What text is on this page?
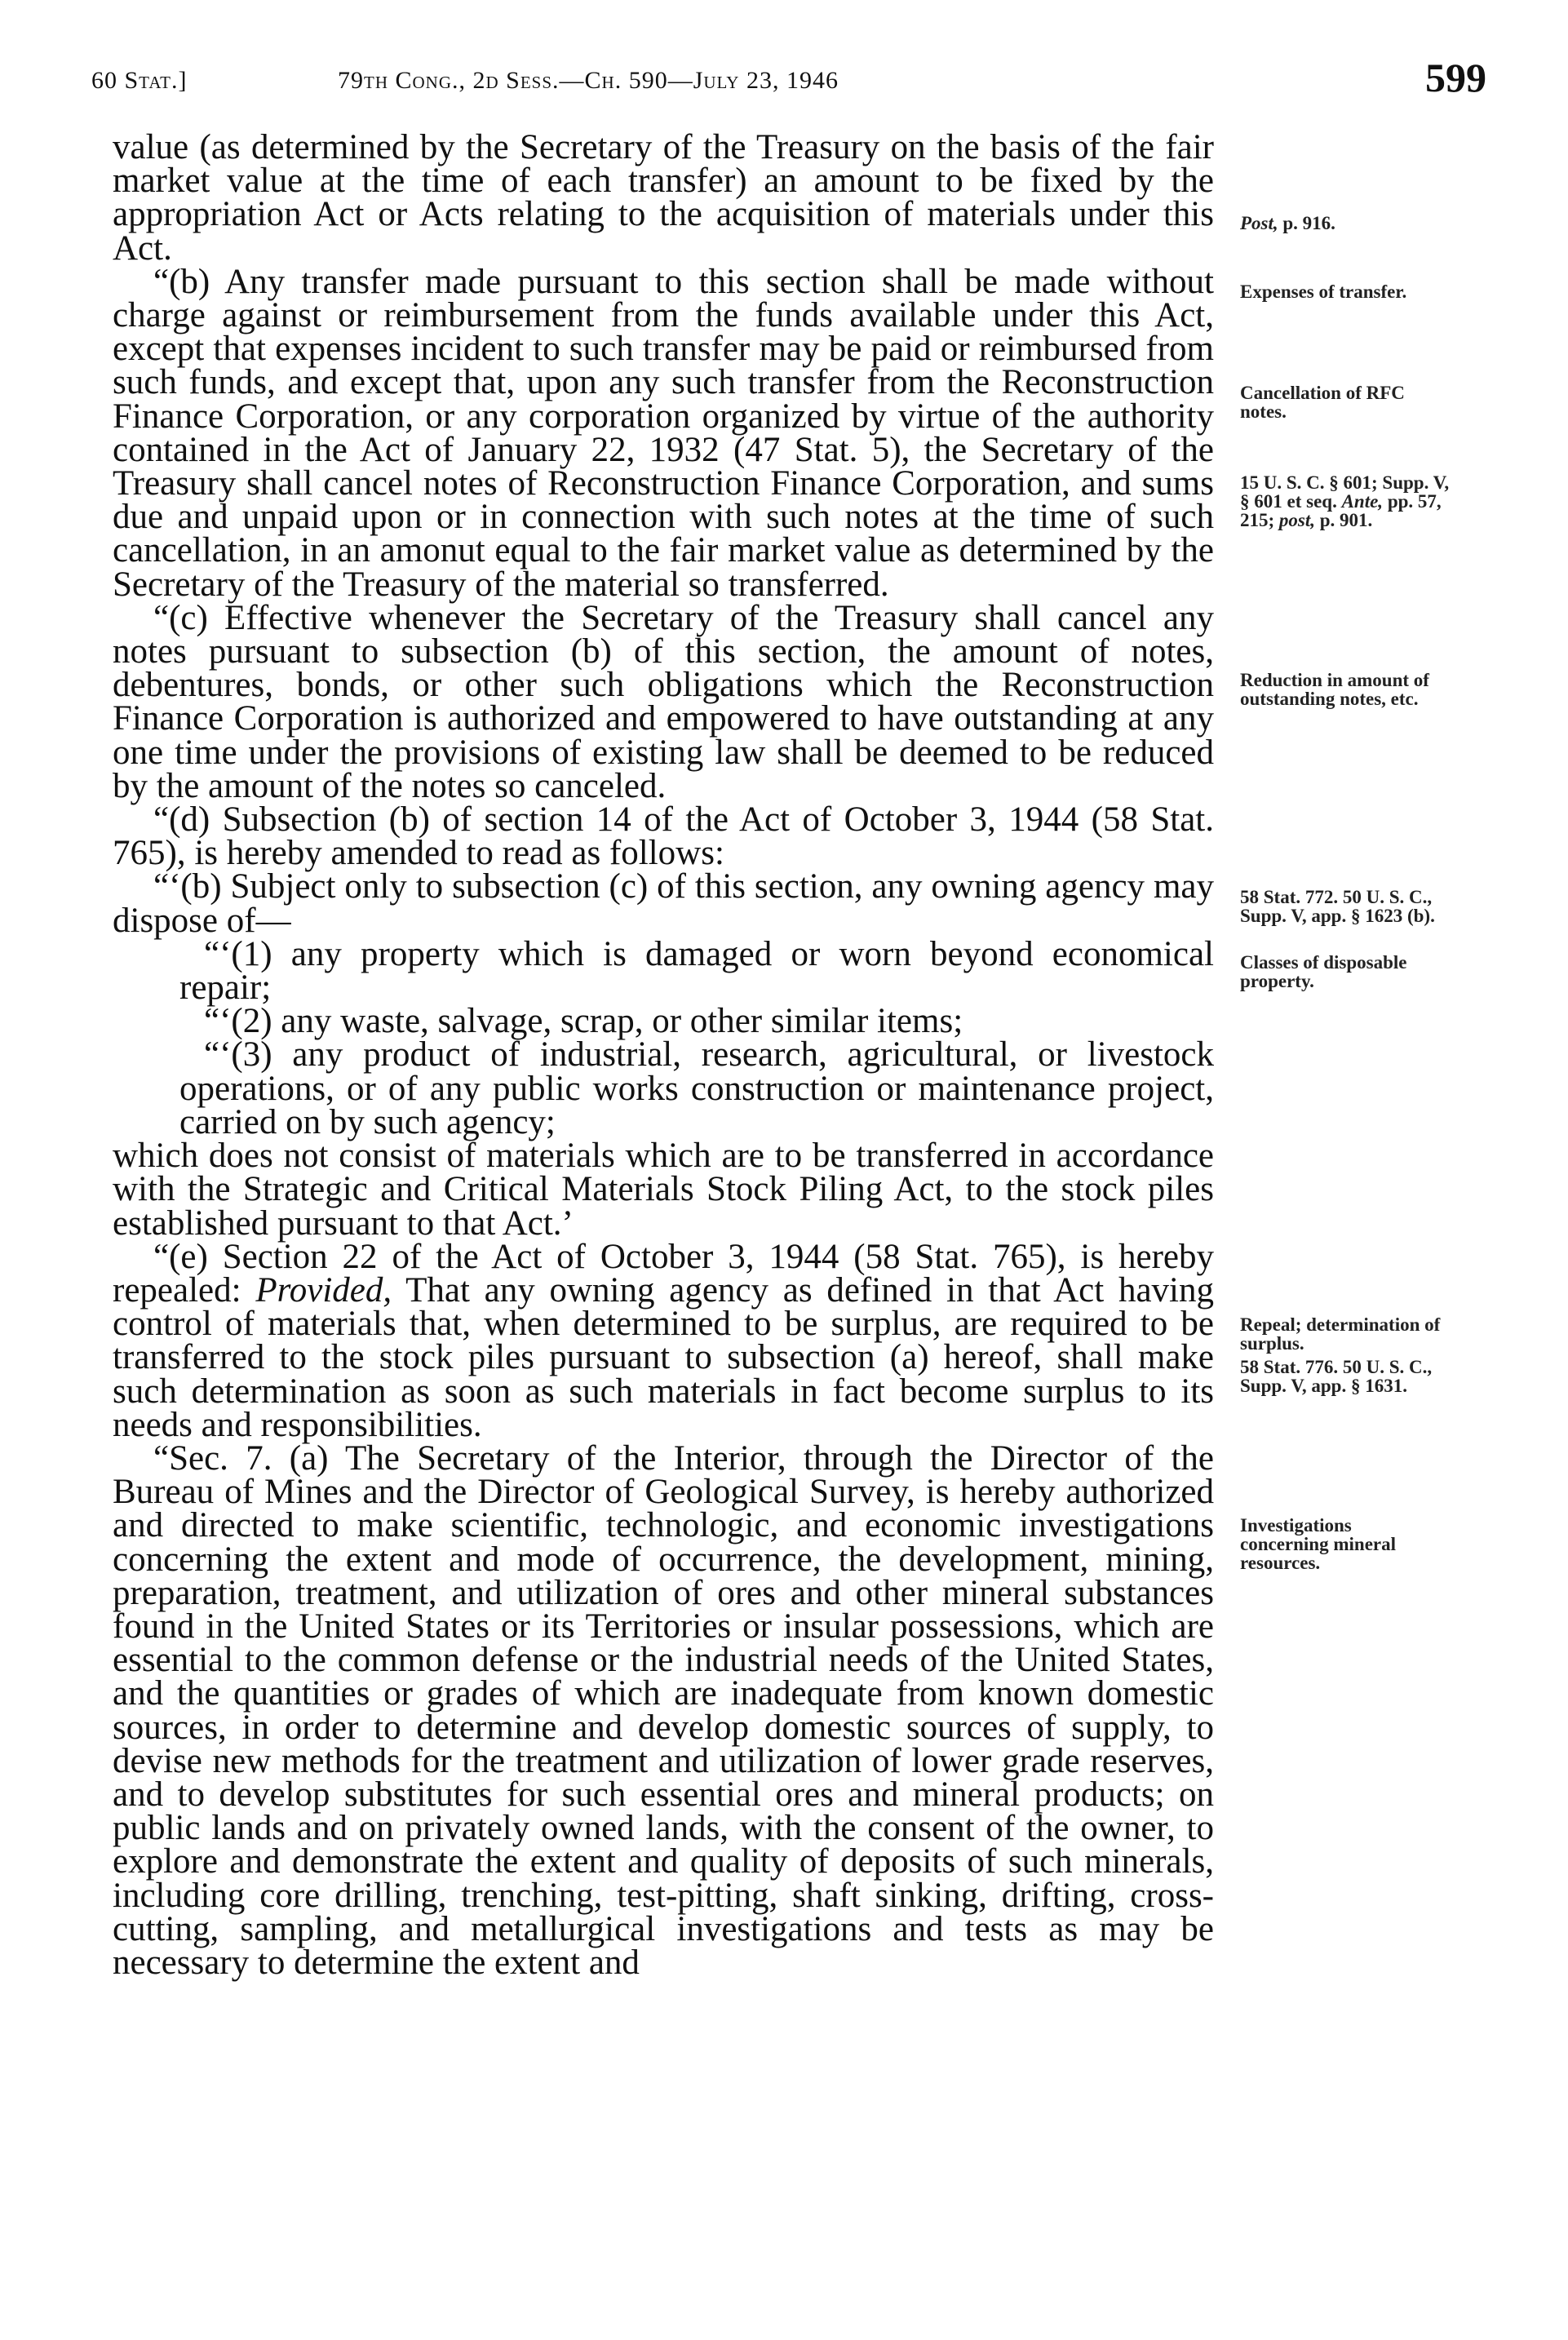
60 Stat.]	79th Cong., 2d Sess.—Ch. 590—July 23, 1946	599

value (as determined by the Secretary of the Treasury on the basis of the fair market value at the time of each transfer) an amount to be fixed by the appropriation Act or Acts relating to the acquisition of materials under this Act.

“(b) Any transfer made pursuant to this section shall be made without charge against or reimbursement from the funds available under this Act, except that expenses incident to such transfer may be paid or reimbursed from such funds, and except that, upon any such transfer from the Reconstruction Finance Corporation, or any corporation organized by virtue of the authority contained in the Act of January 22, 1932 (47 Stat. 5), the Secretary of the Treasury shall cancel notes of Reconstruction Finance Corporation, and sums due and unpaid upon or in connection with such notes at the time of such cancellation, in an amonut equal to the fair market value as determined by the Secretary of the Treasury of the material so transferred.

“(c) Effective whenever the Secretary of the Treasury shall cancel any notes pursuant to subsection (b) of this section, the amount of notes, debentures, bonds, or other such obligations which the Reconstruction Finance Corporation is authorized and empowered to have outstanding at any one time under the provisions of existing law shall be deemed to be reduced by the amount of the notes so canceled.

“(d) Subsection (b) of section 14 of the Act of October 3, 1944 (58 Stat. 765), is hereby amended to read as follows:

“‘(b) Subject only to subsection (c) of this section, any owning agency may dispose of—

“‘(1) any property which is damaged or worn beyond economical repair;

“‘(2) any waste, salvage, scrap, or other similar items;

“‘(3) any product of industrial, research, agricultural, or livestock operations, or of any public works construction or maintenance project, carried on by such agency;

which does not consist of materials which are to be transferred in accordance with the Strategic and Critical Materials Stock Piling Act, to the stock piles established pursuant to that Act.’

“(e) Section 22 of the Act of October 3, 1944 (58 Stat. 765), is hereby repealed: Provided, That any owning agency as defined in that Act having control of materials that, when determined to be surplus, are required to be transferred to the stock piles pursuant to subsection (a) hereof, shall make such determination as soon as such materials in fact become surplus to its needs and responsibilities.

“Sec. 7. (a) The Secretary of the Interior, through the Director of the Bureau of Mines and the Director of Geological Survey, is hereby authorized and directed to make scientific, technologic, and economic investigations concerning the extent and mode of occurrence, the development, mining, preparation, treatment, and utilization of ores and other mineral substances found in the United States or its Territories or insular possessions, which are essential to the common defense or the industrial needs of the United States, and the quantities or grades of which are inadequate from known domestic sources, in order to determine and develop domestic sources of supply, to devise new methods for the treatment and utilization of lower grade reserves, and to develop substitutes for such essential ores and mineral products; on public lands and on privately owned lands, with the consent of the owner, to explore and demonstrate the extent and quality of deposits of such minerals, including core drilling, trenching, test-pitting, shaft sinking, drifting, cross-cutting, sampling, and metallurgical investigations and tests as may be necessary to determine the extent and

Post, p. 916.
Expenses of transfer.
Cancellation of RFC notes.
15 U. S. C. § 601; Supp. V, § 601 et seq. Ante, pp. 57, 215; post, p. 901.
Reduction in amount of outstanding notes, etc.
58 Stat. 772. 50 U. S. C., Supp. V, app. § 1623 (b).
Classes of disposable property.
Repeal; determination of surplus.
58 Stat. 776. 50 U. S. C., Supp. V, app. § 1631.
Investigations concerning mineral resources.
